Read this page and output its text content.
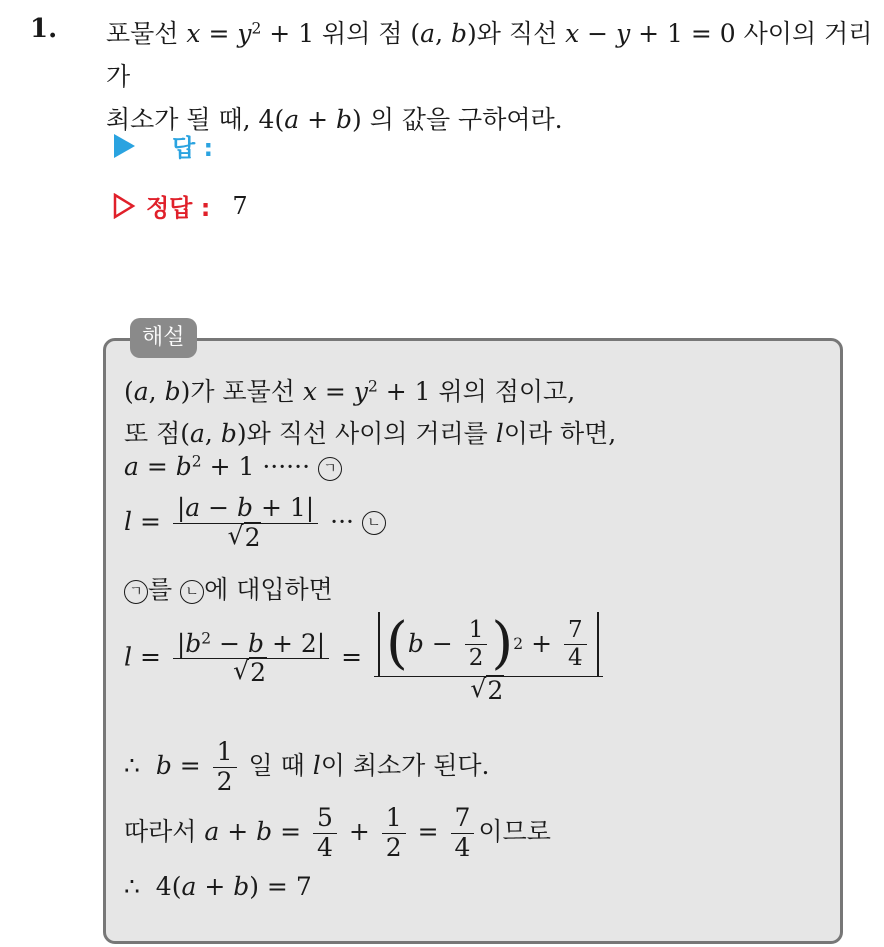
1. 포물선 $x = y^2 + 1$ 위의 점 (a, b)와 직선 x − y + 1 = 0 사이의 거리가
최소가 될 때, 4(a + b) 의 값을 구하여라.
답 :
정답 : 7
해설
(a, b)가 포물선 $x = y^2 + 1$ 위의 점이고,
또 점(a, b)와 직선 사이의 거리를 l이라 하면,
$a = b^2 + 1$ ······ ㄱ
l = |a − b + 1|
√ 2 ··· ㄴ
ㄱ 를 ㄴ 에 대입하면
$l = |b^2 - b + 2|$
√ 2 = ( $b - \frac{1}{2}$ ) $2 + \frac{7}{4}$
√ 2
∴  $b = \frac{1}{2}$ 일 때 l이 최소가 된다.
따라서 $a + b = \frac{5}{4} + \frac{1}{2} = \frac{7}{4}$ 이므로
∴  4(a + b) = 7
